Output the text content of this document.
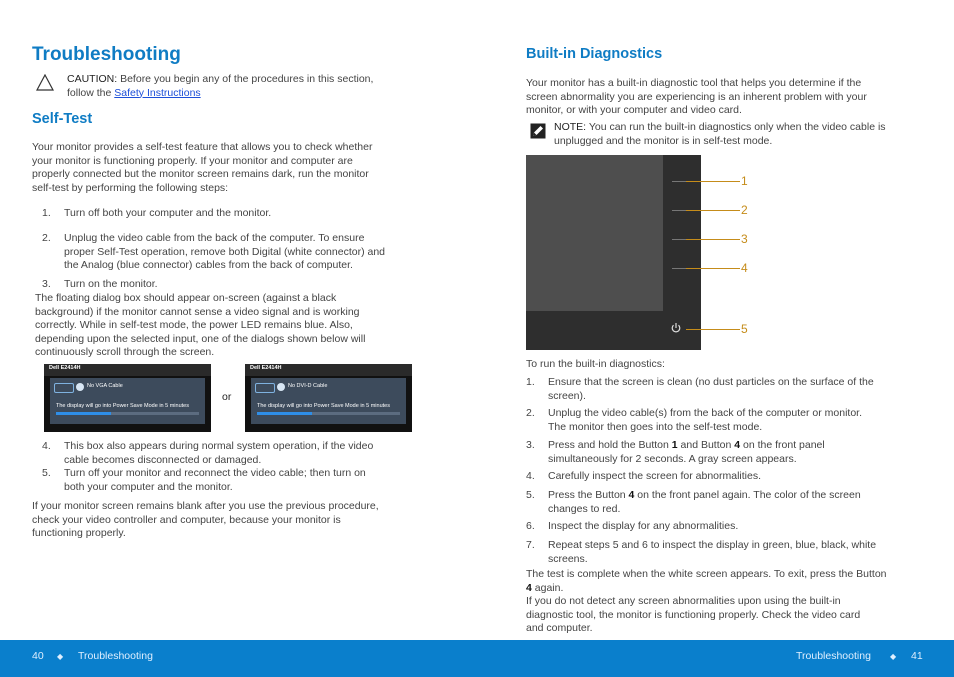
Troubleshooting
CAUTION: Before you begin any of the procedures in this section,
follow the Safety Instructions
Self-Test
Your monitor provides a self-test feature that allows you to check whether
your monitor is functioning properly. If your monitor and computer are
properly connected but the monitor screen remains dark, run the monitor
self-test by performing the following steps:
1. Turn off both your computer and the monitor.
2. Unplug the video cable from the back of the computer. To ensure
proper Self-Test operation, remove both Digital (white connector) and
the Analog (blue connector) cables from the back of computer.
3. Turn on the monitor.
The floating dialog box should appear on-screen (against a black
background) if the monitor cannot sense a video signal and is working
correctly. While in self-test mode, the power LED remains blue. Also,
depending upon the selected input, one of the dialogs shown below will
continuously scroll through the screen.
Dell E2414H
No VGA Cable
The display will go into Power Save Mode in 5 minutes
or
Dell E2414H
No DVI-D Cable
The display will go into Power Save Mode in 5 minutes
4. This box also appears during normal system operation, if the video
cable becomes disconnected or damaged.
5. Turn off your monitor and reconnect the video cable; then turn on
both your computer and the monitor.
If your monitor screen remains blank after you use the previous procedure,
check your video controller and computer, because your monitor is
functioning properly.
Built-in Diagnostics
Your monitor has a built-in diagnostic tool that helps you determine if the
screen abnormality you are experiencing is an inherent problem with your
monitor, or with your computer and video card.
NOTE: You can run the built-in diagnostics only when the video cable is
unplugged and the monitor is in self-test mode.
1
2
3
4
5
To run the built-in diagnostics:
1. Ensure that the screen is clean (no dust particles on the surface of the
screen).
2. Unplug the video cable(s) from the back of the computer or monitor.
The monitor then goes into the self-test mode.
3. Press and hold the Button 1 and Button 4 on the front panel
simultaneously for 2 seconds. A gray screen appears.
4. Carefully inspect the screen for abnormalities.
5. Press the Button 4 on the front panel again. The color of the screen
changes to red.
6. Inspect the display for any abnormalities.
7. Repeat steps 5 and 6 to inspect the display in green, blue, black, white
screens.
The test is complete when the white screen appears. To exit, press the Button
4 again.
If you do not detect any screen abnormalities upon using the built-in
diagnostic tool, the monitor is functioning properly. Check the video card
and computer.
40 ◆ Troubleshooting	Troubleshooting ◆ 41
